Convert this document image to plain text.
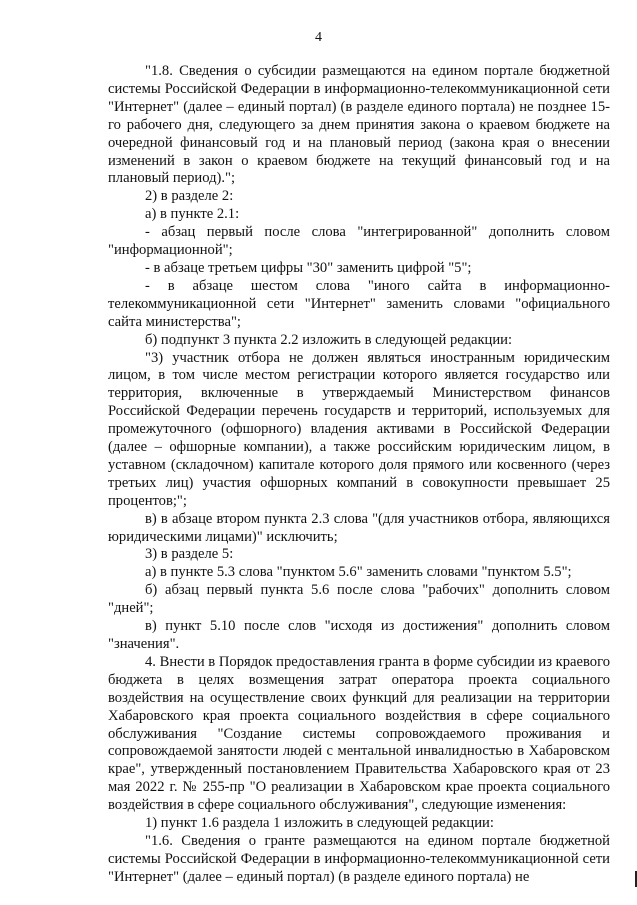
4

"1.8. Сведения о субсидии размещаются на едином портале бюджетной системы Российской Федерации в информационно-телекоммуникационной сети "Интернет" (далее – единый портал) (в разделе единого портала) не позднее 15-го рабочего дня, следующего за днем принятия закона о краевом бюджете на очередной финансовый год и на плановый период (закона края о внесении изменений в закон о краевом бюджете на текущий финансовый год и на плановый период).";

2) в разделе 2:

а) в пункте 2.1:

- абзац первый после слова "интегрированной" дополнить словом "информационной";

- в абзаце третьем цифры "30" заменить цифрой "5";

- в абзаце шестом слова "иного сайта в информационно-телекоммуникационной сети "Интернет" заменить словами "официального сайта министерства";

б) подпункт 3 пункта 2.2 изложить в следующей редакции:

"3) участник отбора не должен являться иностранным юридическим лицом, в том числе местом регистрации которого является государство или территория, включенные в утверждаемый Министерством финансов Российской Федерации перечень государств и территорий, используемых для промежуточного (офшорного) владения активами в Российской Федерации (далее – офшорные компании), а также российским юридическим лицом, в уставном (складочном) капитале которого доля прямого или косвенного (через третьих лиц) участия офшорных компаний в совокупности превышает 25 процентов;";

в) в абзаце втором пункта 2.3 слова "(для участников отбора, являющихся юридическими лицами)" исключить;

3) в разделе 5:

а) в пункте 5.3 слова "пунктом 5.6" заменить словами "пунктом 5.5";

б) абзац первый пункта 5.6 после слова "рабочих" дополнить словом "дней";

в) пункт 5.10 после слов "исходя из достижения" дополнить словом "значения".

4. Внести в Порядок предоставления гранта в форме субсидии из краевого бюджета в целях возмещения затрат оператора проекта социального воздействия на осуществление своих функций для реализации на территории Хабаровского края проекта социального воздействия в сфере социального обслуживания "Создание системы сопровождаемого проживания и сопровождаемой занятости людей с ментальной инвалидностью в Хабаровском крае", утвержденный постановлением Правительства Хабаровского края от 23 мая 2022 г. № 255-пр "О реализации в Хабаровском крае проекта социального воздействия в сфере социального обслуживания", следующие изменения:

1) пункт 1.6 раздела 1 изложить в следующей редакции:

"1.6. Сведения о гранте размещаются на едином портале бюджетной системы Российской Федерации в информационно-телекоммуникационной сети "Интернет" (далее – единый портал) (в разделе единого портала) не
